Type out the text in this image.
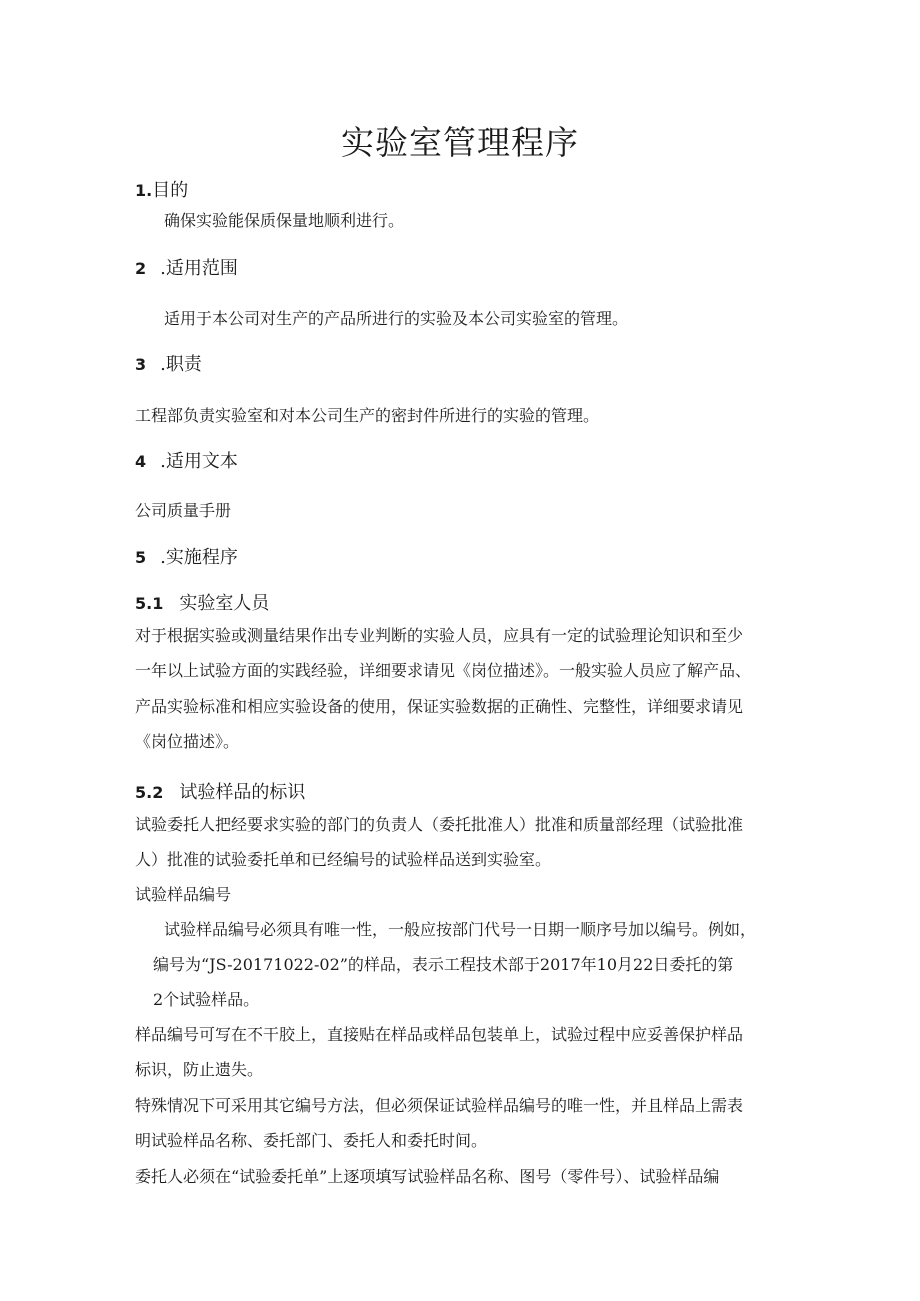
实验室管理程序
1.目的
确保实验能保质保量地顺利进行。
2 .适用范围
适用于本公司对生产的产品所进行的实验及本公司实验室的管理。
3 .职责
工程部负责实验室和对本公司生产的密封件所进行的实验的管理。
4 .适用文本
公司质量手册
5 .实施程序
5.1 实验室人员
对于根据实验或测量结果作出专业判断的实验人员，应具有一定的试验理论知识和至少
一年以上试验方面的实践经验，详细要求请见《岗位描述》。一般实验人员应了解产品、
产品实验标准和相应实验设备的使用，保证实验数据的正确性、完整性，详细要求请见
《岗位描述》。
5.2 试验样品的标识
试验委托人把经要求实验的部门的负责人（委托批准人）批准和质量部经理（试验批准
人）批准的试验委托单和已经编号的试验样品送到实验室。
试验样品编号
试验样品编号必须具有唯一性，一般应按部门代号一日期一顺序号加以编号。例如，
编号为“JS-20171022-02”的样品，表示工程技术部于2017年10月22日委托的第
2个试验样品。
样品编号可写在不干胶上，直接贴在样品或样品包装单上，试验过程中应妥善保护样品
标识，防止遗失。
特殊情况下可采用其它编号方法，但必须保证试验样品编号的唯一性，并且样品上需表
明试验样品名称、委托部门、委托人和委托时间。
委托人必须在“试验委托单”上逐项填写试验样品名称、图号（零件号）、试验样品编
